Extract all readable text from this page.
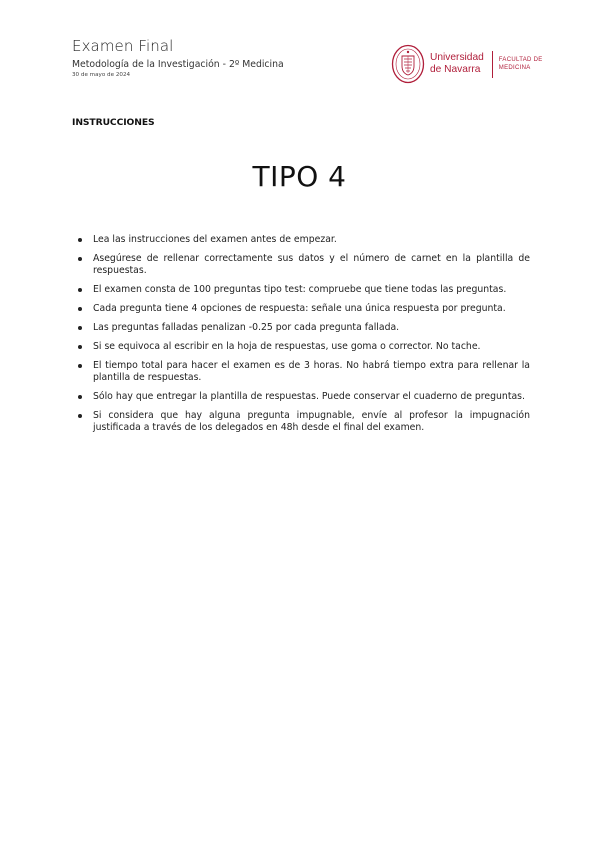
Examen Final
Metodología de la Investigación - 2º Medicina
30 de mayo de 2024
Universidad
de Navarra
FACULTAD DE
MEDICINA
INSTRUCCIONES
TIPO 4
Lea las instrucciones del examen antes de empezar.
Asegúrese de rellenar correctamente sus datos y el número de carnet en la plantilla de respuestas.
El examen consta de 100 preguntas tipo test: compruebe que tiene todas las preguntas.
Cada pregunta tiene 4 opciones de respuesta: señale una única respuesta por pregunta.
Las preguntas falladas penalizan -0.25 por cada pregunta fallada.
Si se equivoca al escribir en la hoja de respuestas, use goma o corrector. No tache.
El tiempo total para hacer el examen es de 3 horas. No habrá tiempo extra para rellenar la plantilla de respuestas.
Sólo hay que entregar la plantilla de respuestas. Puede conservar el cuaderno de preguntas.
Si considera que hay alguna pregunta impugnable, envíe al profesor la impugnación justificada a través de los delegados en 48h desde el final del examen.
